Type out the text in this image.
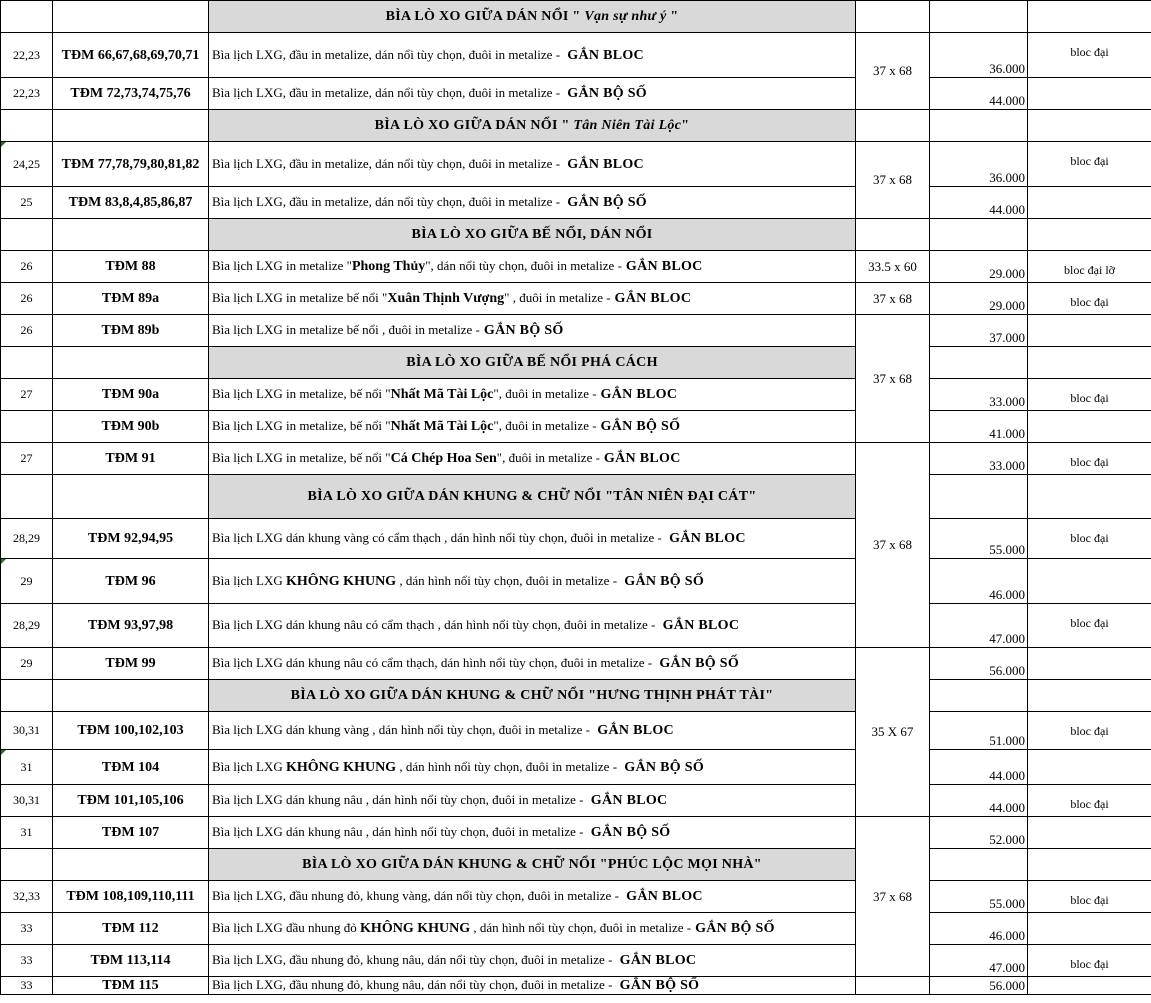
		BÌA LÒ XO GIỮA DÁN NỔI " Vạn sự như ý "				
22,23	TĐM 66,67,68,69,70,71	Bìa lịch LXG, đầu in metalize, dán nổi tùy chọn, đuôi in metalize - GẮN BLOC	37 x 68	36.000	bloc đại	
22,23	TĐM 72,73,74,75,76	Bìa lịch LXG, đầu in metalize, dán nổi tùy chọn, đuôi in metalize - GẮN BỘ SỐ		44.000		
		BÌA LÒ XO GIỮA DÁN NỔI " Tân Niên Tài Lộc"				
24,25	TĐM 77,78,79,80,81,82	Bìa lịch LXG, đầu in metalize, dán nổi tùy chọn, đuôi in metalize - GẮN BLOC	37 x 68	36.000	bloc đại	
25	TĐM 83,8,4,85,86,87	Bìa lịch LXG, đầu in metalize, dán nổi tùy chọn, đuôi in metalize - GẮN BỘ SỐ		44.000		
		BÌA LÒ XO GIỮA BẾ NỔI, DÁN NỔI				
26	TĐM 88	Bìa lịch LXG in metalize "Phong Thủy", dán nổi tùy chọn, đuôi in metalize - GẮN BLOC	33.5 x 60	29.000	bloc đại lỡ	
26	TĐM 89a	Bìa lịch LXG in metalize bế nổi "Xuân Thịnh Vượng" , đuôi in metalize - GẮN BLOC	37 x 68	29.000	bloc đại	
26	TĐM 89b	Bìa lịch LXG in metalize bế nổi , đuôi in metalize - GẮN BỘ SỐ	37 x 68	37.000		
		BÌA LÒ XO GIỮA BẾ NỔI PHÁ CÁCH				
27	TĐM 90a	Bìa lịch LXG in metalize, bế nổi "Nhất Mã Tài Lộc", đuôi in metalize - GẮN BLOC		33.000	bloc đại	
	TĐM 90b	Bìa lịch LXG in metalize, bế nổi "Nhất Mã Tài Lộc", đuôi in metalize - GẮN BỘ SỐ		41.000		
27	TĐM 91	Bìa lịch LXG in metalize, bế nổi "Cá Chép Hoa Sen", đuôi in metalize - GẮN BLOC	37 x 68	33.000	bloc đại	
		BÌA LÒ XO GIỮA DÁN KHUNG & CHỮ NỔI "TÂN NIÊN ĐẠI CÁT"				
28,29	TĐM 92,94,95	Bìa lịch LXG dán khung vàng có cẩm thạch , dán hình nổi tùy chọn, đuôi in metalize - GẮN BLOC		55.000	bloc đại	
29	TĐM 96	Bìa lịch LXG KHÔNG KHUNG , dán hình nổi tùy chọn, đuôi in metalize - GẮN BỘ SỐ		46.000		
28,29	TĐM 93,97,98	Bìa lịch LXG dán khung nâu có cẩm thạch , dán hình nổi tùy chọn, đuôi in metalize - GẮN BLOC		47.000	bloc đại	
29	TĐM 99	Bìa lịch LXG dán khung nâu có cẩm thạch, dán hình nổi tùy chọn, đuôi in metalize - GẮN BỘ SỐ	35 X 67	56.000		
		BÌA LÒ XO GIỮA DÁN KHUNG & CHỮ NỔI "HƯNG THỊNH PHÁT TÀI"				
30,31	TĐM 100,102,103	Bìa lịch LXG dán khung vàng , dán hình nổi tùy chọn, đuôi in metalize - GẮN BLOC		51.000	bloc đại	
31	TĐM 104	Bìa lịch LXG KHÔNG KHUNG , dán hình nổi tùy chọn, đuôi in metalize - GẮN BỘ SỐ		44.000		
30,31	TĐM 101,105,106	Bìa lịch LXG dán khung nâu , dán hình nổi tùy chọn, đuôi in metalize - GẮN BLOC		44.000	bloc đại	
31	TĐM 107	Bìa lịch LXG dán khung nâu , dán hình nổi tùy chọn, đuôi in metalize - GẮN BỘ SỐ	37 x 68	52.000		
		BÌA LÒ XO GIỮA DÁN KHUNG & CHỮ NỔI "PHÚC LỘC MỌI NHÀ"				
32,33	TĐM 108,109,110,111	Bìa lịch LXG, đầu nhung đỏ, khung vàng, dán nổi tùy chọn, đuôi in metalize - GẮN BLOC		55.000	bloc đại	
33	TĐM 112	Bìa lịch LXG đầu nhung đỏ KHÔNG KHUNG , dán hình nổi tùy chọn, đuôi in metalize - GẮN BỘ SỐ		46.000		
33	TĐM 113,114	Bìa lịch LXG, đầu nhung đỏ, khung nâu, dán nổi tùy chọn, đuôi in metalize - GẮN BLOC		47.000	bloc đại	
33	TĐM 115	Bìa lịch LXG, đầu nhung đỏ, khung nâu, dán nổi tùy chọn, đuôi in metalize - GẮN BỘ SỐ		56.000		
